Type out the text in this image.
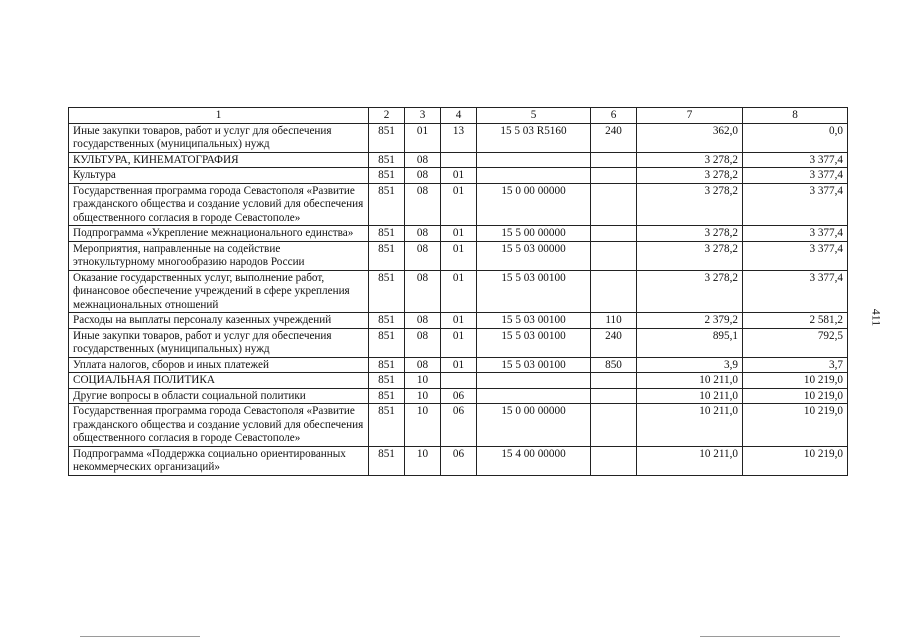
1	2	3	4	5	6	7	8
Иные закупки товаров, работ и услуг для обеспечения государственных (муниципальных) нужд	851	01	13	15 5 03 R5160	240	362,0	0,0
КУЛЬТУРА, КИНЕМАТОГРАФИЯ	851	08				3 278,2	3 377,4
Культура	851	08	01			3 278,2	3 377,4
Государственная программа города Севастополя «Развитие гражданского общества и создание условий для обеспечения общественного согласия в городе Севастополе»	851	08	01	15 0 00 00000		3 278,2	3 377,4
Подпрограмма «Укрепление межнационального единства»	851	08	01	15 5 00 00000		3 278,2	3 377,4
Мероприятия, направленные на содействие этнокультурному многообразию народов России	851	08	01	15 5 03 00000		3 278,2	3 377,4
Оказание государственных услуг, выполнение работ, финансовое обеспечение учреждений в сфере укрепления межнациональных отношений	851	08	01	15 5 03 00100		3 278,2	3 377,4
Расходы на выплаты персоналу казенных учреждений	851	08	01	15 5 03 00100	110	2 379,2	2 581,2
Иные закупки товаров, работ и услуг для обеспечения государственных (муниципальных) нужд	851	08	01	15 5 03 00100	240	895,1	792,5
Уплата налогов, сборов и иных платежей	851	08	01	15 5 03 00100	850	3,9	3,7
СОЦИАЛЬНАЯ ПОЛИТИКА	851	10				10 211,0	10 219,0
Другие вопросы в области социальной политики	851	10	06			10 211,0	10 219,0
Государственная программа города Севастополя «Развитие гражданского общества и создание условий для обеспечения общественного согласия в городе Севастополе»	851	10	06	15 0 00 00000		10 211,0	10 219,0
Подпрограмма «Поддержка социально ориентированных некоммерческих организаций»	851	10	06	15 4 00 00000		10 211,0	10 219,0
411
